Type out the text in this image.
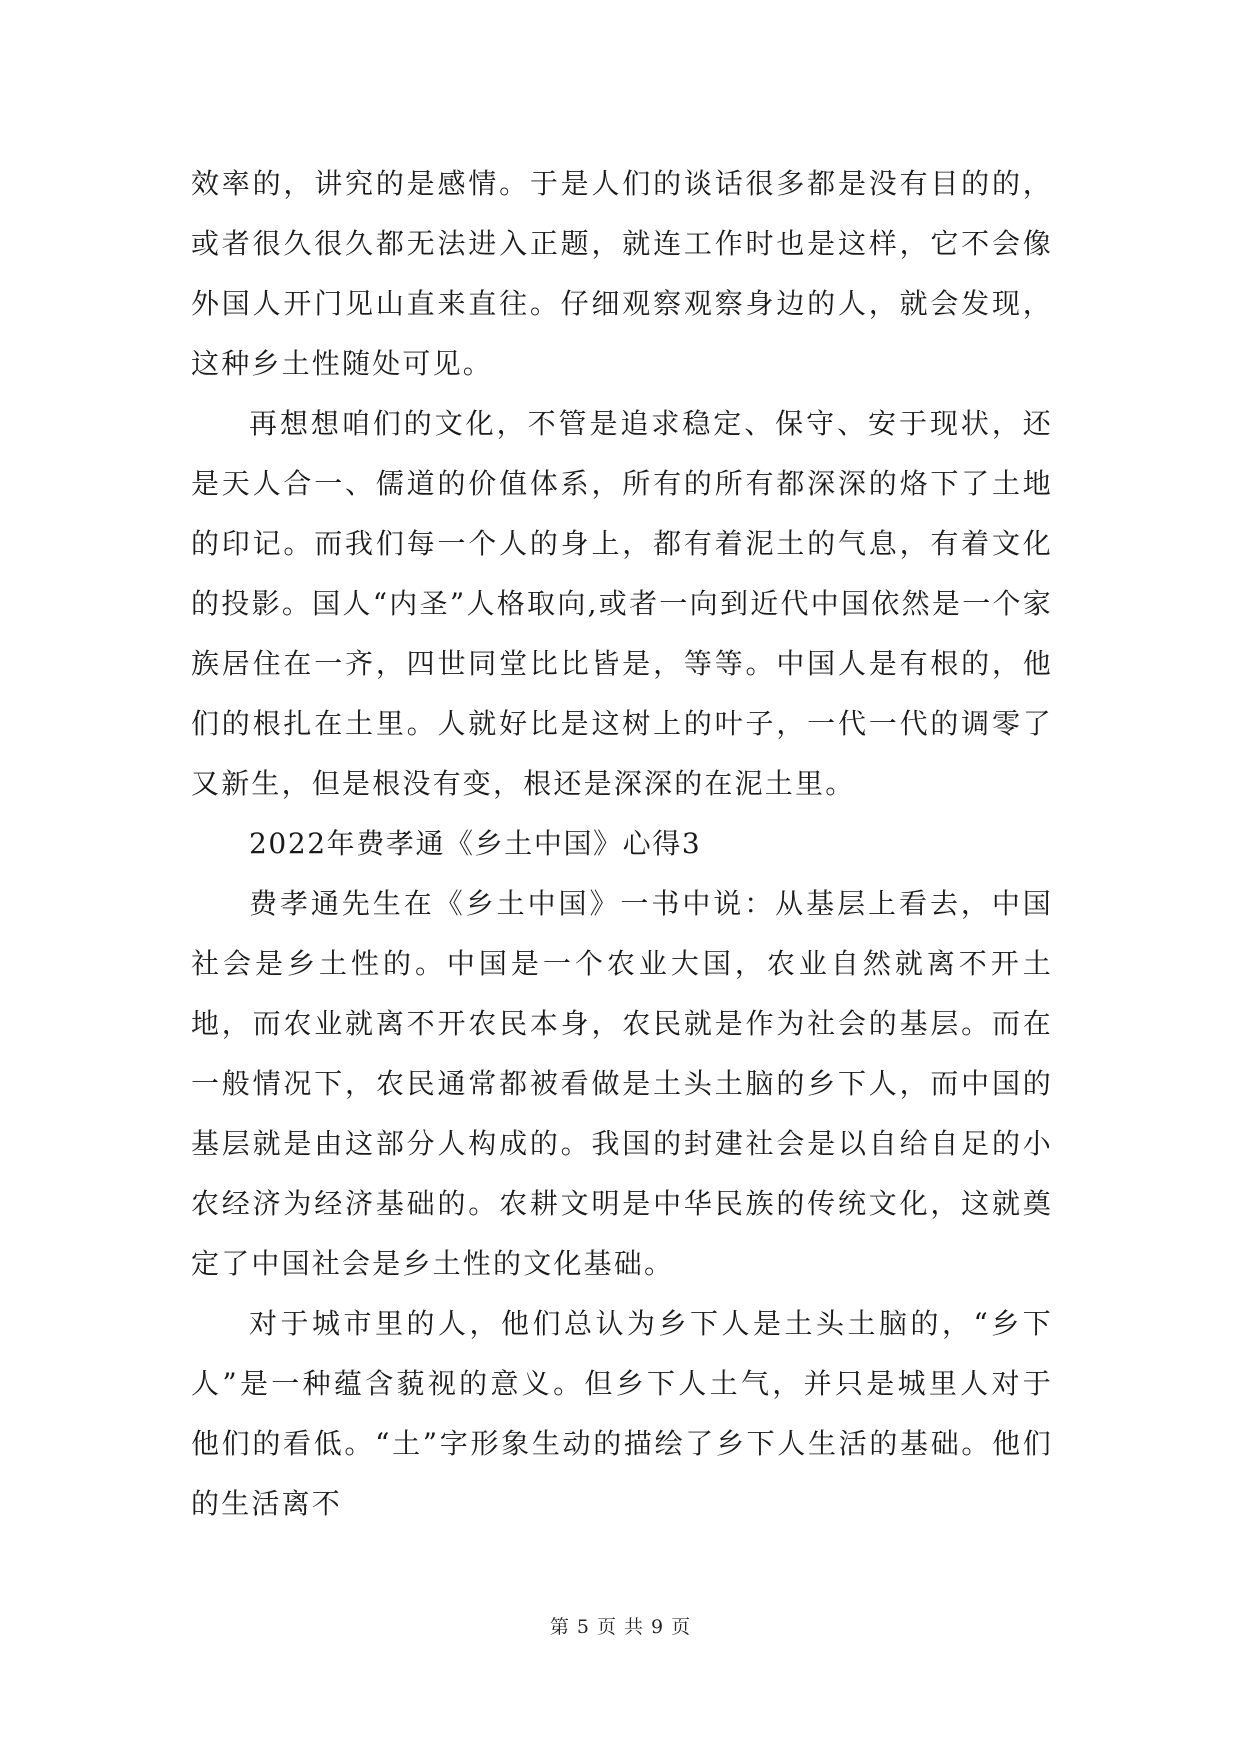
效率的，讲究的是感情。于是人们的谈话很多都是没有目的的，或者很久很久都无法进入正题，就连工作时也是这样，它不会像外国人开门见山直来直往。仔细观察观察身边的人，就会发现，这种乡土性随处可见。

再想想咱们的文化，不管是追求稳定、保守、安于现状，还是天人合一、儒道的价值体系，所有的所有都深深的烙下了土地的印记。而我们每一个人的身上，都有着泥土的气息，有着文化的投影。国人“内圣”人格取向,或者一向到近代中国依然是一个家族居住在一齐，四世同堂比比皆是，等等。中国人是有根的，他们的根扎在土里。人就好比是这树上的叶子，一代一代的调零了又新生，但是根没有变，根还是深深的在泥土里。

2022年费孝通《乡土中国》心得3

费孝通先生在《乡土中国》一书中说：从基层上看去，中国社会是乡土性的。中国是一个农业大国，农业自然就离不开土地，而农业就离不开农民本身，农民就是作为社会的基层。而在一般情况下，农民通常都被看做是土头土脑的乡下人，而中国的基层就是由这部分人构成的。我国的封建社会是以自给自足的小农经济为经济基础的。农耕文明是中华民族的传统文化，这就奠定了中国社会是乡土性的文化基础。

对于城市里的人，他们总认为乡下人是土头土脑的，“乡下人”是一种蕴含藐视的意义。但乡下人土气，并只是城里人对于他们的看低。“土”字形象生动的描绘了乡下人生活的基础。他们的生活离不

第 5 页 共 9 页
